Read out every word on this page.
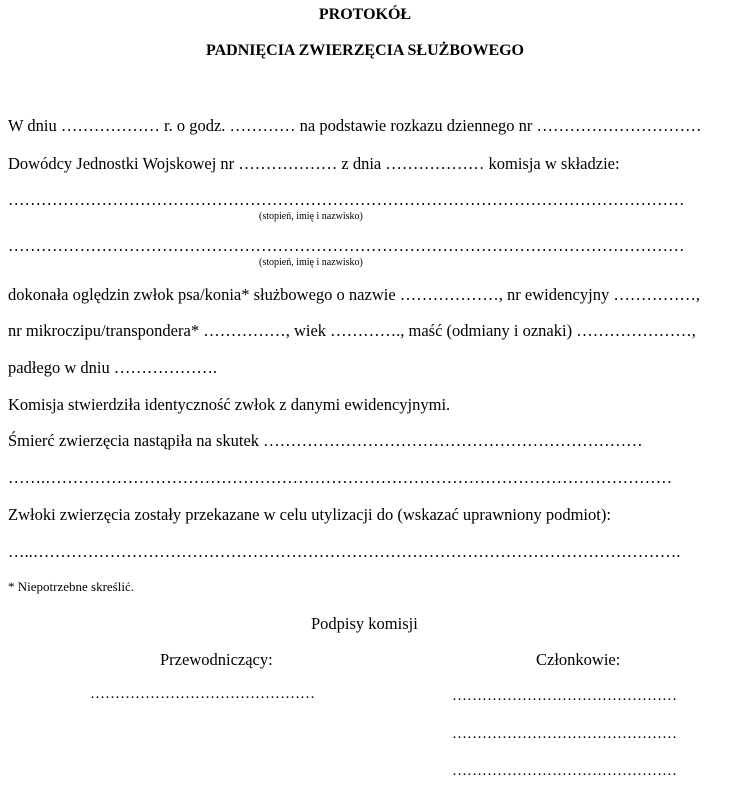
PROTOKÓŁ
PADNIĘCIA ZWIERZĘCIA SŁUŻBOWEGO
W dniu ……………… r. o godz. ………… na podstawie rozkazu dziennego nr …………………………
Dowódcy Jednostki Wojskowej nr ……………… z dnia ……………… komisja w składzie:
……………………………………………………………………………………………………………
(stopień, imię i nazwisko)
……………………………………………………………………………………………………………
(stopień, imię i nazwisko)
dokonała oględzin zwłok psa/konia* służbowego o nazwie ………………, nr ewidencyjny ……………,
nr mikroczipu/transpondera* ……………, wiek …………., maść (odmiany i oznaki) …………………,
padłego w dniu ……………….
Komisja stwierdziła identyczność zwłok z danymi ewidencyjnymi.
Śmierć zwierzęcia nastąpiła na skutek ……………………………………………………………
…….……………………………………………………………………………………………………
Zwłoki zwierzęcia zostały przekazane w celu utylizacji do (wskazać uprawniony podmiot):
…..……………………………………………………………………………………………………….
* Niepotrzebne skreślić.
Podpisy komisji
Przewodniczący:	Członkowie:
………………………………………	………………………………………
………………………………………
………………………………………
